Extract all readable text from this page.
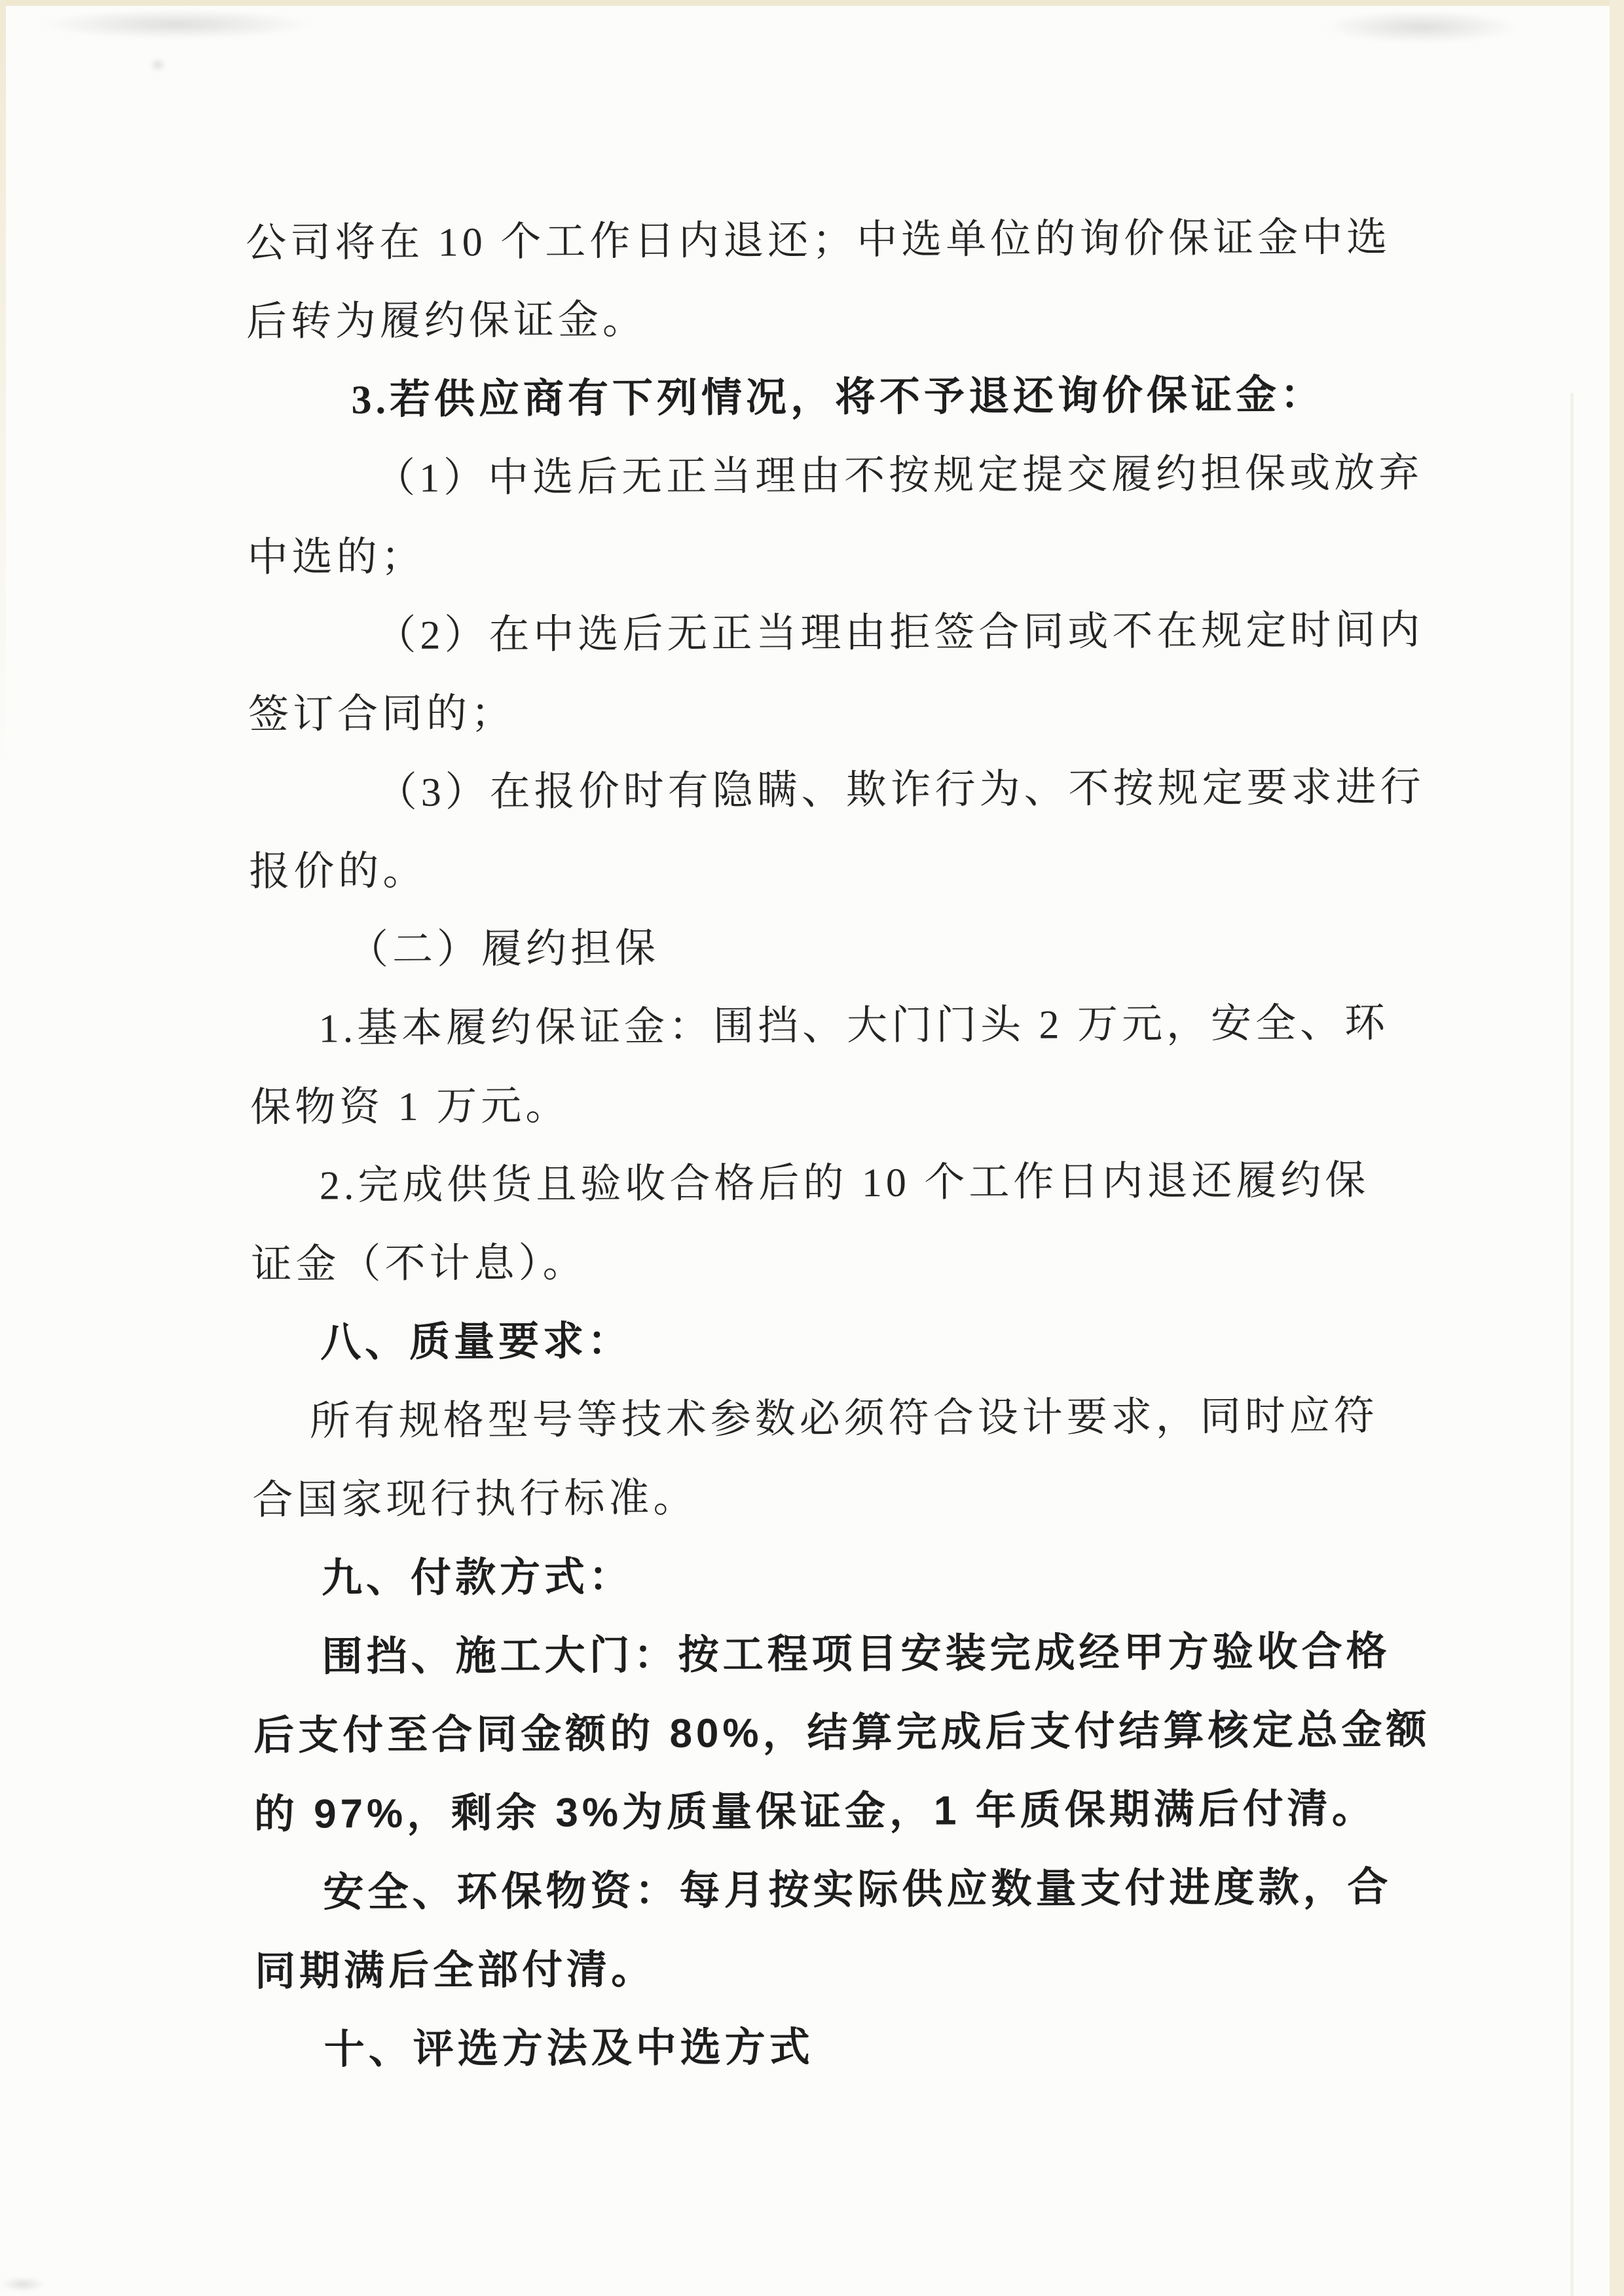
公司将在 10 个工作日内退还；中选单位的询价保证金中选
后转为履约保证金。
3.若供应商有下列情况，将不予退还询价保证金：
（1）中选后无正当理由不按规定提交履约担保或放弃
中选的；
（2）在中选后无正当理由拒签合同或不在规定时间内
签订合同的；
（3）在报价时有隐瞒、欺诈行为、不按规定要求进行
报价的。
（二）履约担保
1.基本履约保证金：围挡、大门门头 2 万元，安全、环
保物资 1 万元。
2.完成供货且验收合格后的 10 个工作日内退还履约保
证金（不计息）。
八、质量要求：
所有规格型号等技术参数必须符合设计要求，同时应符
合国家现行执行标准。
九、付款方式：
围挡、施工大门：按工程项目安装完成经甲方验收合格
后支付至合同金额的 80%，结算完成后支付结算核定总金额
的 97%，剩余 3%为质量保证金，1 年质保期满后付清。
安全、环保物资：每月按实际供应数量支付进度款，合
同期满后全部付清。
十、评选方法及中选方式
